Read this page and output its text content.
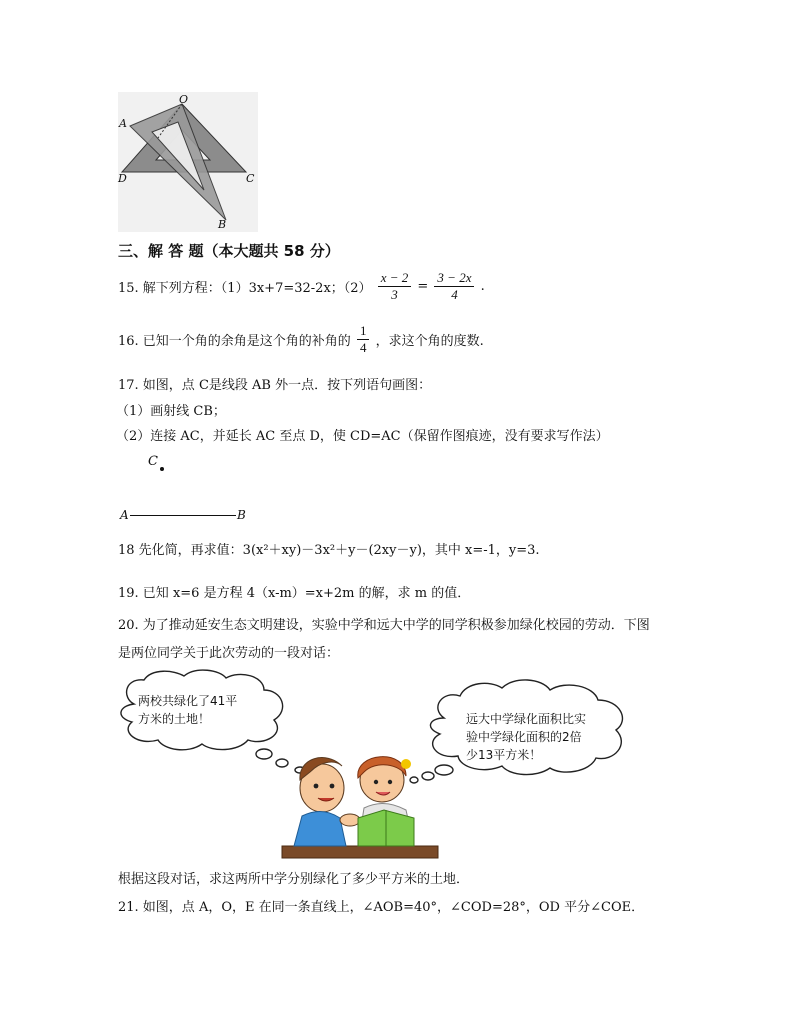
O
A
D	C
B
三、解 答 题（本大题共 58 分）
15. 解下列方程：（1）3x+7=32-2x；$(2) \frac{x - 2}{3} = \frac{3 - 2x}{4}$ .
16. 已知一个角的余角是这个角的补角的 $\frac{1}{4}$ ，求这个角的度数.
17. 如图，点 C是线段 AB 外一点．按下列语句画图：
（1）画射线 CB；
（2）连接 AC，并延长 AC 至点 D，使 CD=AC（保留作图痕迹，没有要求写作法）
C
A	B
18 先化简，再求值：3(x²＋xy)－3x²＋y－(2xy－y)，其中 x=-1，y=3.
19. 已知 x=6 是方程 4（x-m）=x+2m 的解，求 m 的值．
20. 为了推动延安生态文明建设，实验中学和远大中学的同学积极参加绿化校园的劳动．下图
是两位同学关于此次劳动的一段对话：
两校共绿化了41平
方米的土地！	远大中学绿化面积比实
验中学绿化面积的2倍
少13平方米！
根据这段对话，求这两所中学分别绿化了多少平方米的土地．
21. 如图，点 A，O，E 在同一条直线上，∠AOB=40°，∠COD=28°，OD 平分∠COE．
